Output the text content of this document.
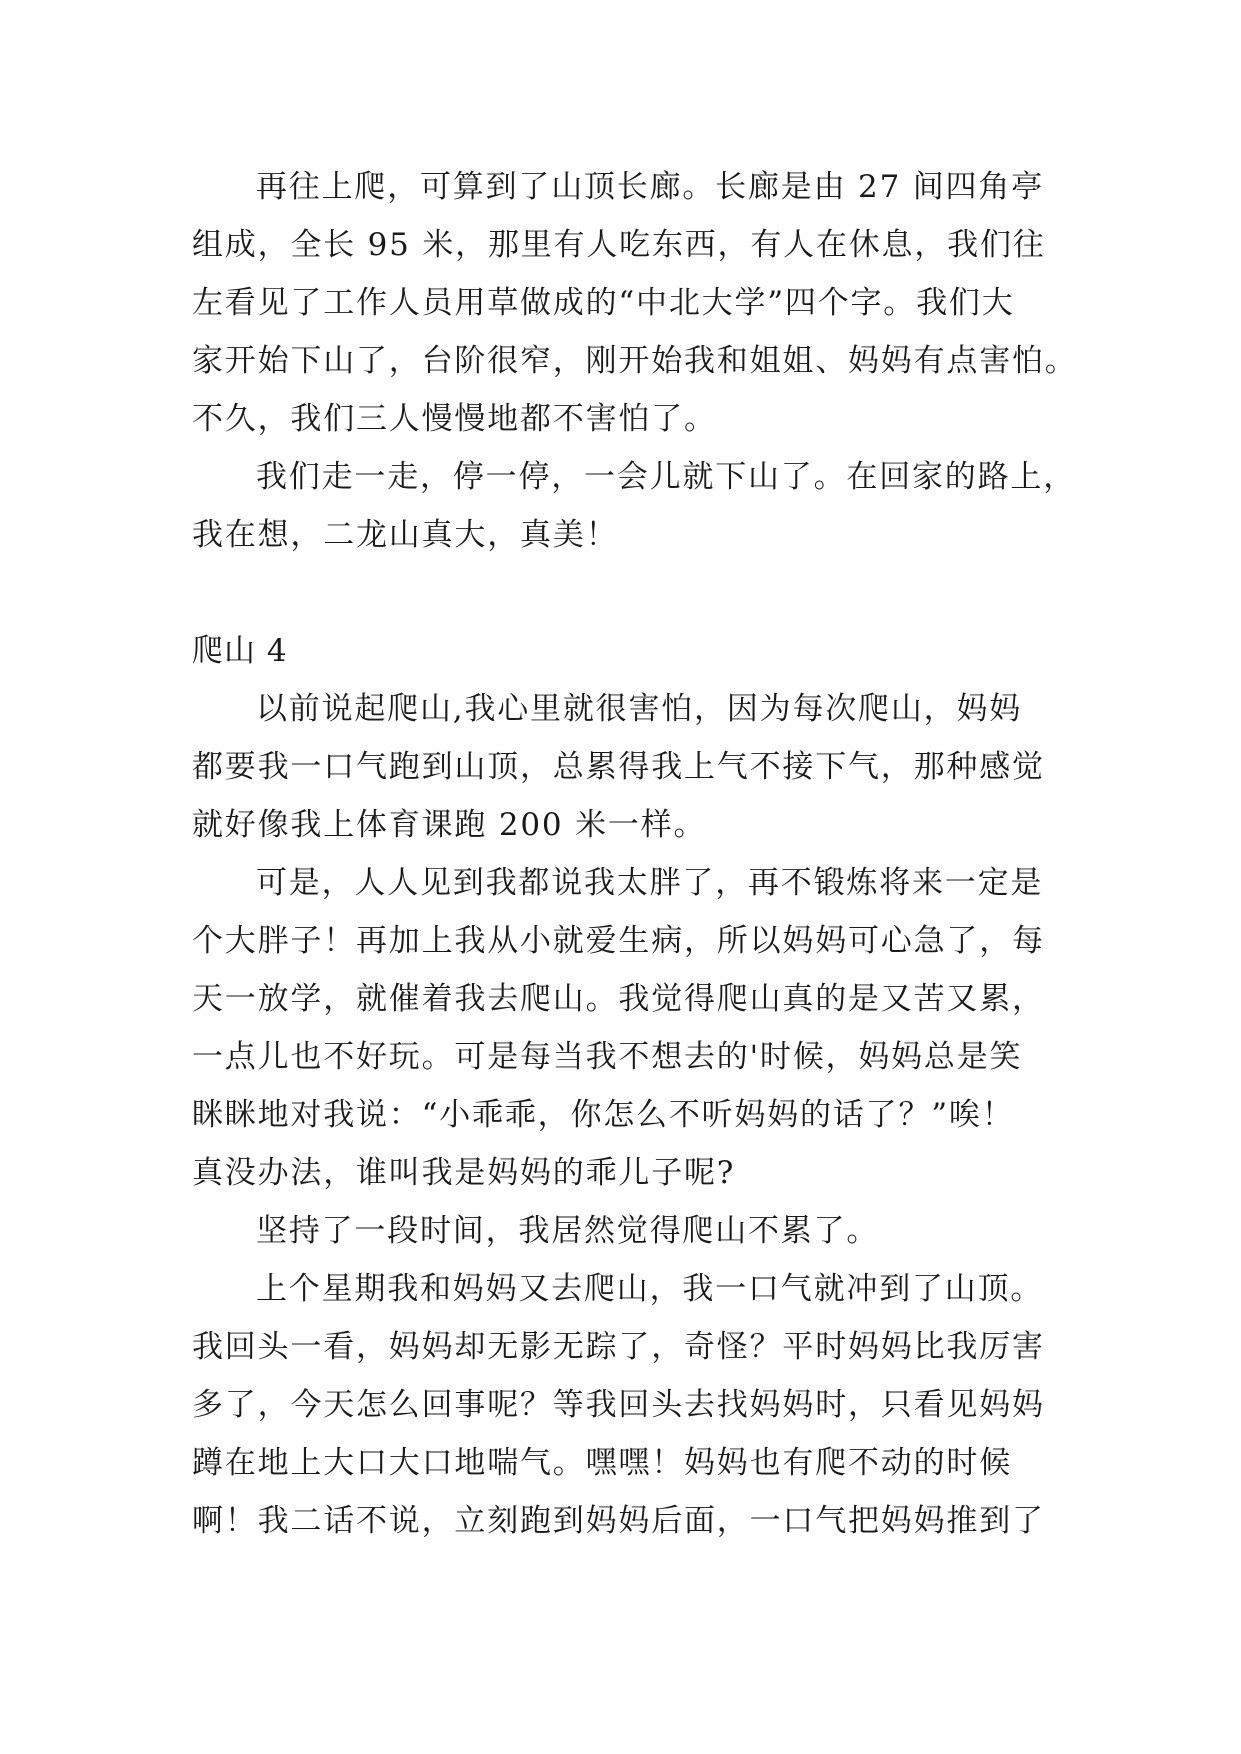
再往上爬，可算到了山顶长廊。长廊是由 27 间四角亭
组成，全长 95 米，那里有人吃东西，有人在休息，我们往
左看见了工作人员用草做成的“中北大学”四个字。我们大
家开始下山了，台阶很窄，刚开始我和姐姐、妈妈有点害怕。
不久，我们三人慢慢地都不害怕了。
我们走一走，停一停，一会儿就下山了。在回家的路上，
我在想，二龙山真大，真美！
爬山 4
以前说起爬山,我心里就很害怕，因为每次爬山，妈妈
都要我一口气跑到山顶，总累得我上气不接下气，那种感觉
就好像我上体育课跑 200 米一样。
可是，人人见到我都说我太胖了，再不锻炼将来一定是
个大胖子！再加上我从小就爱生病，所以妈妈可心急了，每
天一放学，就催着我去爬山。我觉得爬山真的是又苦又累，
一点儿也不好玩。可是每当我不想去的'时候，妈妈总是笑
眯眯地对我说：“小乖乖，你怎么不听妈妈的话了？”唉！
真没办法，谁叫我是妈妈的乖儿子呢?
坚持了一段时间，我居然觉得爬山不累了。
上个星期我和妈妈又去爬山，我一口气就冲到了山顶。
我回头一看，妈妈却无影无踪了，奇怪？平时妈妈比我厉害
多了，今天怎么回事呢？等我回头去找妈妈时，只看见妈妈
蹲在地上大口大口地喘气。嘿嘿！妈妈也有爬不动的时候
啊！我二话不说，立刻跑到妈妈后面，一口气把妈妈推到了
